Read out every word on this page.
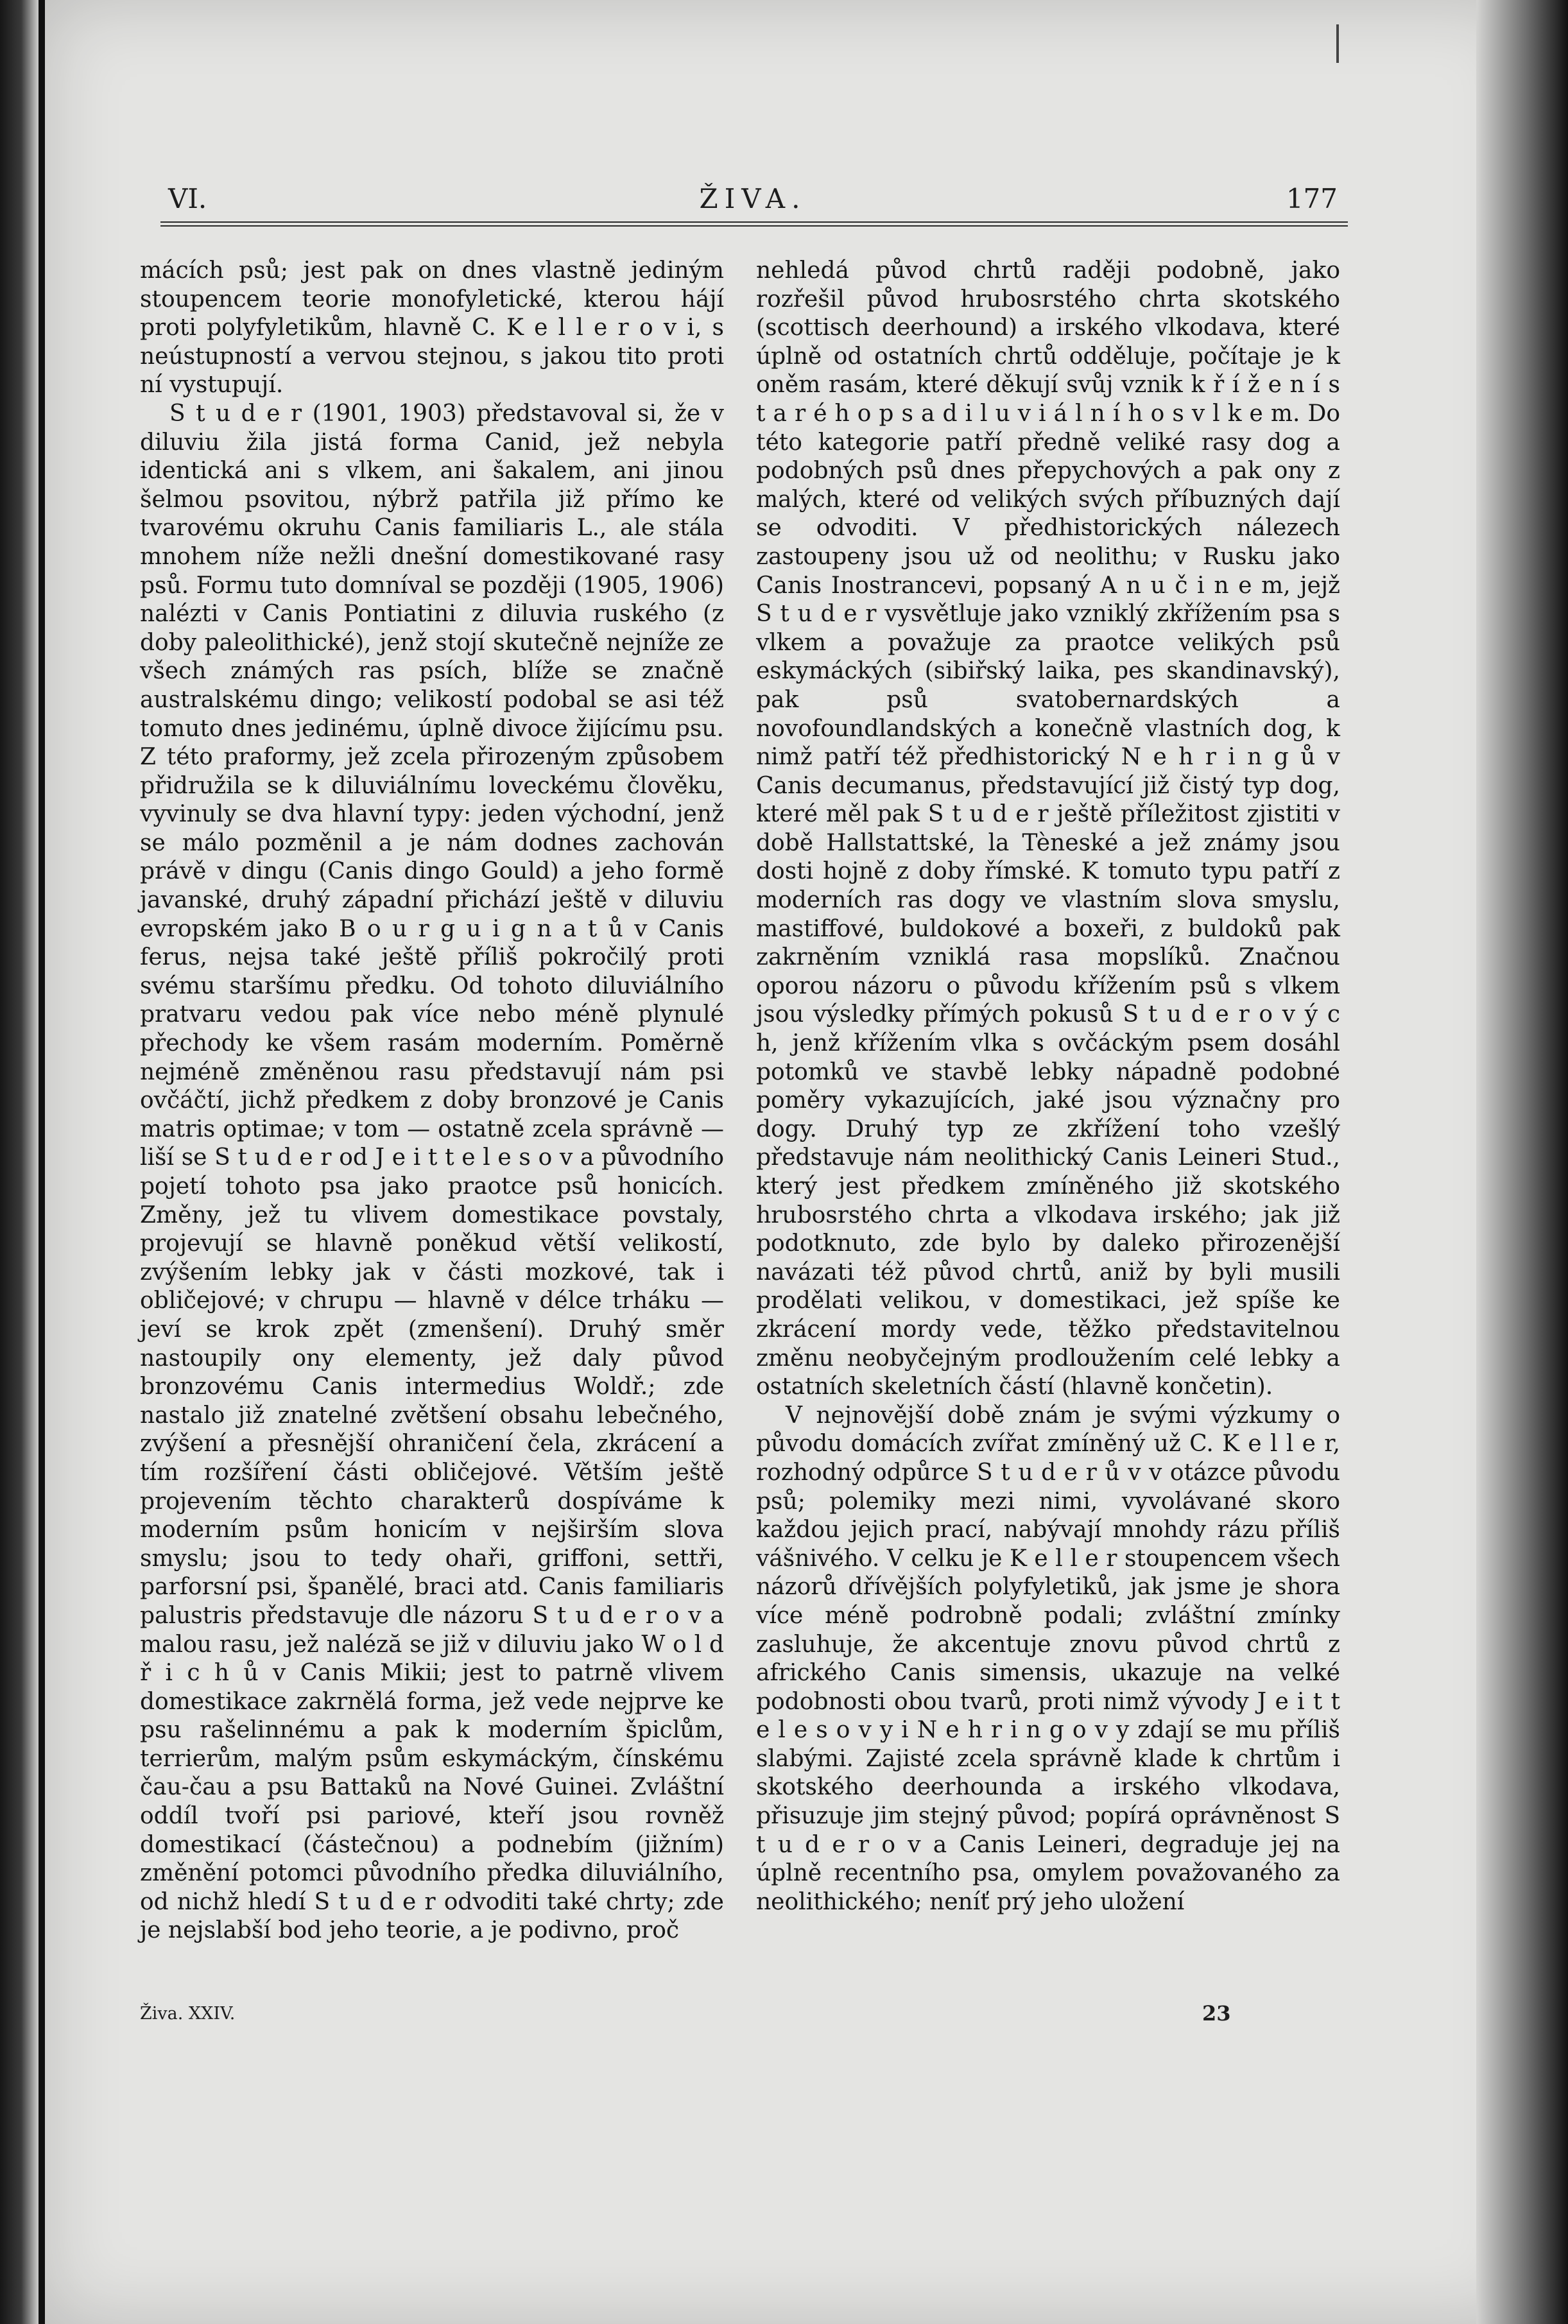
VI.	ŽIVA.	177

mácích psů; jest pak on dnes vlastně jediným stoupencem teorie monofyletické, kterou hájí proti polyfyletikům, hlavně C. K e l l e r o v i, s neústupností a vervou stejnou, s jakou tito proti ní vystupují.

S t u d e r (1901, 1903) představoval si, že v diluviu žila jistá forma Canid, jež nebyla identická ani s vlkem, ani šakalem, ani jinou šelmou psovitou, nýbrž patřila již přímo ke tvarovému okruhu Canis familiaris L., ale stála mnohem níže nežli dnešní domestikované rasy psů. Formu tuto domníval se později (1905, 1906) nalézti v Canis Pontiatini z diluvia ruského (z doby paleolithické), jenž stojí skutečně nejníže ze všech známých ras psích, blíže se značně australskému dingo; velikostí podobal se asi též tomuto dnes jedinému, úplně divoce žijícímu psu. Z této praformy, jež zcela přirozeným způsobem přidružila se k diluviálnímu loveckému člověku, vyvinuly se dva hlavní typy: jeden východní, jenž se málo pozměnil a je nám dodnes zachován právě v dingu (Canis dingo Gould) a jeho formě javanské, druhý západní přichází ještě v diluviu evropském jako B o u r g u i g n a t ů v Canis ferus, nejsa také ještě příliš pokročilý proti svému staršímu předku. Od tohoto diluviálního pratvaru vedou pak více nebo méně plynulé přechody ke všem rasám moderním. Poměrně nejméně změněnou rasu představují nám psi ovčáčtí, jichž předkem z doby bronzové je Canis matris optimae; v tom — ostatně zcela správně — liší se S t u d e r od J e i t t e l e s o v a původního pojetí tohoto psa jako praotce psů honicích. Změny, jež tu vlivem domestikace povstaly, projevují se hlavně poněkud větší velikostí, zvýšením lebky jak v části mozkové, tak i obličejové; v chrupu — hlavně v délce trháku — jeví se krok zpět (zmenšení). Druhý směr nastoupily ony elementy, jež daly původ bronzovému Canis intermedius Woldř.; zde nastalo již znatelné zvětšení obsahu lebečného, zvýšení a přesnější ohraničení čela, zkrácení a tím rozšíření části obličejové. Větším ještě projevením těchto charakterů dospíváme k moderním psům honicím v nejširším slova smyslu; jsou to tedy ohaři, griffoni, settři, parforsní psi, španělé, braci atd. Canis familiaris palustris představuje dle názoru S t u d e r o v a malou rasu, jež naléză se již v diluviu jako W o l d ř i c h ů v Canis Mikii; jest to patrně vlivem domestikace zakrnělá forma, jež vede nejprve ke psu rašelinnému a pak k moderním špiclům, terrierům, malým psům eskymáckým, čínskému čau-čau a psu Battaků na Nové Guinei. Zvláštní oddíl tvoří psi pariové, kteří jsou rovněž domestikací (částečnou) a podnebím (jižním) změnění potomci původního předka diluviálního, od nichž hledí S t u d e r odvoditi také chrty; zde je nejslabší bod jeho teorie, a je podivno, proč

nehledá původ chrtů raději podobně, jako rozřešil původ hrubosrstého chrta skotského (scottisch deerhound) a irského vlkodava, které úplně od ostatních chrtů odděluje, počítaje je k oněm rasám, které děkují svůj vznik k ř í ž e n í s t a r é h o p s a d i l u v i á l n í h o s v l k e m. Do této kategorie patří předně veliké rasy dog a podobných psů dnes přepychových a pak ony z malých, které od velikých svých příbuzných dají se odvoditi. V předhistorických nálezech zastoupeny jsou už od neolithu; v Rusku jako Canis Inostrancevi, popsaný A n u č i n e m, jejž S t u d e r vysvětluje jako vzniklý zkřížením psa s vlkem a považuje za praotce velikých psů eskymáckých (sibiřský laika, pes skandinavský), pak psů svatobernardských a novofoundlandských a konečně vlastních dog, k nimž patří též předhistorický N e h r i n g ů v Canis decumanus, představující již čistý typ dog, které měl pak S t u d e r ještě příležitost zjistiti v době Hallstattské, la Tèneské a jež známy jsou dosti hojně z doby římské. K tomuto typu patří z moderních ras dogy ve vlastním slova smyslu, mastiffové, buldokové a boxeři, z buldoků pak zakrněním vzniklá rasa mopslíků. Značnou oporou názoru o původu křížením psů s vlkem jsou výsledky přímých pokusů S t u d e r o v ý c h, jenž křížením vlka s ovčáckým psem dosáhl potomků ve stavbě lebky nápadně podobné poměry vykazujících, jaké jsou význačny pro dogy. Druhý typ ze zkřížení toho vzešlý představuje nám neolithický Canis Leineri Stud., který jest předkem zmíněného již skotského hrubosrstého chrta a vlkodava irského; jak již podotknuto, zde bylo by daleko přirozenější navázati též původ chrtů, aniž by byli musili prodělati velikou, v domestikaci, jež spíše ke zkrácení mordy vede, těžko představitelnou změnu neobyčejným prodloužením celé lebky a ostatních skeletních částí (hlavně končetin).

V nejnovější době znám je svými výzkumy o původu domácích zvířat zmíněný už C. K e l l e r, rozhodný odpůrce S t u d e r ů v v otázce původu psů; polemiky mezi nimi, vyvolávané skoro každou jejich prací, nabývají mnohdy rázu příliš vášnivého. V celku je K e l l e r stoupencem všech názorů dřívějších polyfyletiků, jak jsme je shora více méně podrobně podali; zvláštní zmínky zasluhuje, že akcentuje znovu původ chrtů z afrického Canis simensis, ukazuje na velké podobnosti obou tvarů, proti nimž vývody J e i t t e l e s o v y i N e h r i n g o v y zdají se mu příliš slabými. Zajisté zcela správně klade k chrtům i skotského deerhounda a irského vlkodava, přisuzuje jim stejný původ; popírá oprávněnost S t u d e r o v a Canis Leineri, degraduje jej na úplně recentního psa, omylem považovaného za neolithického; neníť prý jeho uložení

Živa. XXIV.	23
